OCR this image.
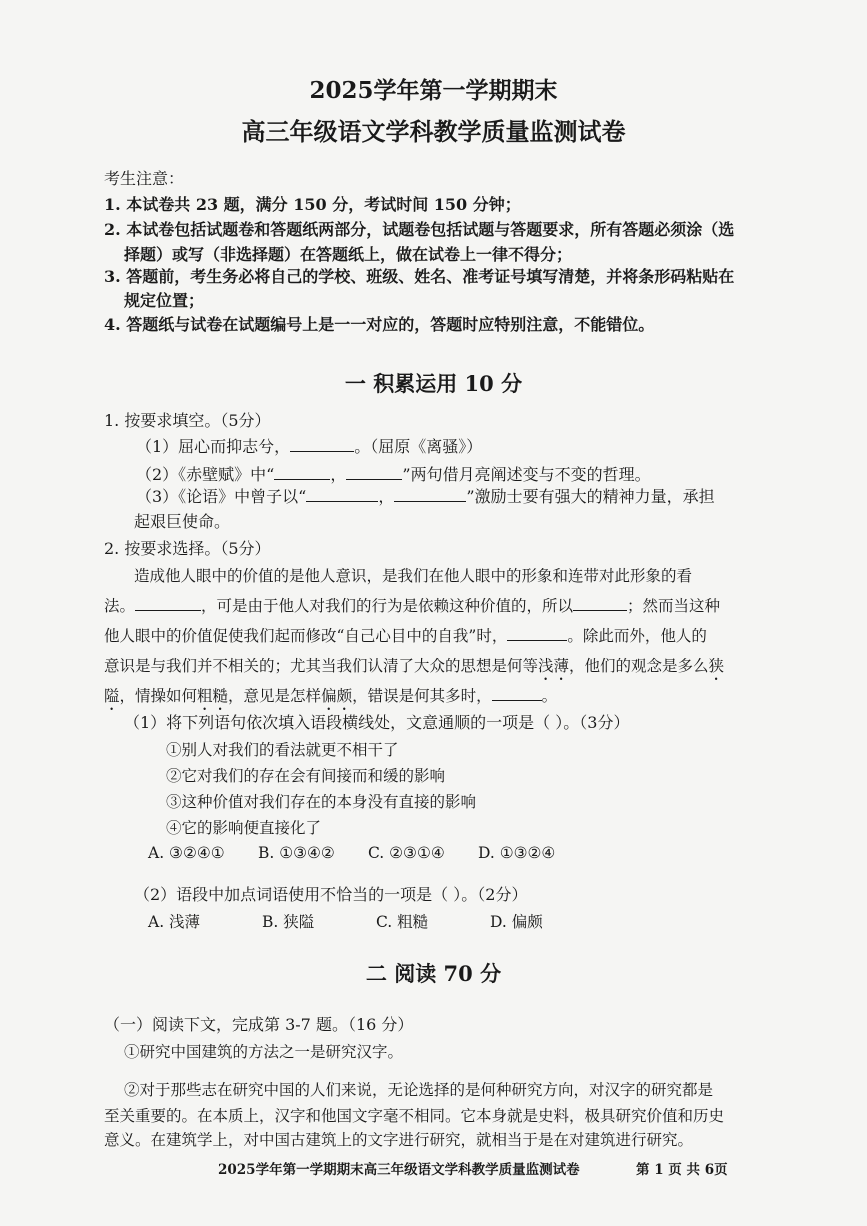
2025学年第一学期期末
高三年级语文学科教学质量监测试卷
考生注意：
1. 本试卷共 23 题，满分 150 分，考试时间 150 分钟；
2. 本试卷包括试题卷和答题纸两部分，试题卷包括试题与答题要求，所有答题必须涂（选
择题）或写（非选择题）在答题纸上，做在试卷上一律不得分；
3. 答题前，考生务必将自己的学校、班级、姓名、准考证号填写清楚，并将条形码粘贴在
规定位置；
4. 答题纸与试卷在试题编号上是一一对应的，答题时应特别注意，不能错位。
一 积累运用 10 分
1. 按要求填空。（5分）
（1）屈心而抑志兮，	。（屈原《离骚》）
（2）《赤壁赋》中“	，	”两句借月亮阐述变与不变的哲理。
（3）《论语》中曾子以“	，	”激励士要有强大的精神力量，承担
起艰巨使命。
2. 按要求选择。（5分）
造成他人眼中的价值的是他人意识，是我们在他人眼中的形象和连带对此形象的看
法。	，可是由于他人对我们的行为是依赖这种价值的，所以	；然而当这种
他人眼中的价值促使我们起而修改“自己心目中的自我”时，	。除此而外，他人的
意识是与我们并不相关的；尤其当我们认清了大众的思想是何等浅薄，他们的观念是多么狭
隘，情操如何粗糙，意见是怎样偏颇，错误是何其多时，	。
（1）将下列语句依次填入语段横线处，文意通顺的一项是（ ）。（3分）
①别人对我们的看法就更不相干了
②它对我们的存在会有间接而和缓的影响
③这种价值对我们存在的本身没有直接的影响
④它的影响便直接化了
A. ③②④① B. ①③④② C. ②③①④ D. ①③②④
（2）语段中加点词语使用不恰当的一项是（ ）。（2分）
A. 浅薄	B. 狭隘	C. 粗糙	D. 偏颇
二 阅读 70 分
（一）阅读下文，完成第 3-7 题。（16 分）
①研究中国建筑的方法之一是研究汉字。
②对于那些志在研究中国的人们来说，无论选择的是何种研究方向，对汉字的研究都是
至关重要的。在本质上，汉字和他国文字毫不相同。它本身就是史料，极具研究价值和历史
意义。在建筑学上，对中国古建筑上的文字进行研究，就相当于是在对建筑进行研究。
2025学年第一学期期末高三年级语文学科教学质量监测试卷	第 1 页 共 6页
